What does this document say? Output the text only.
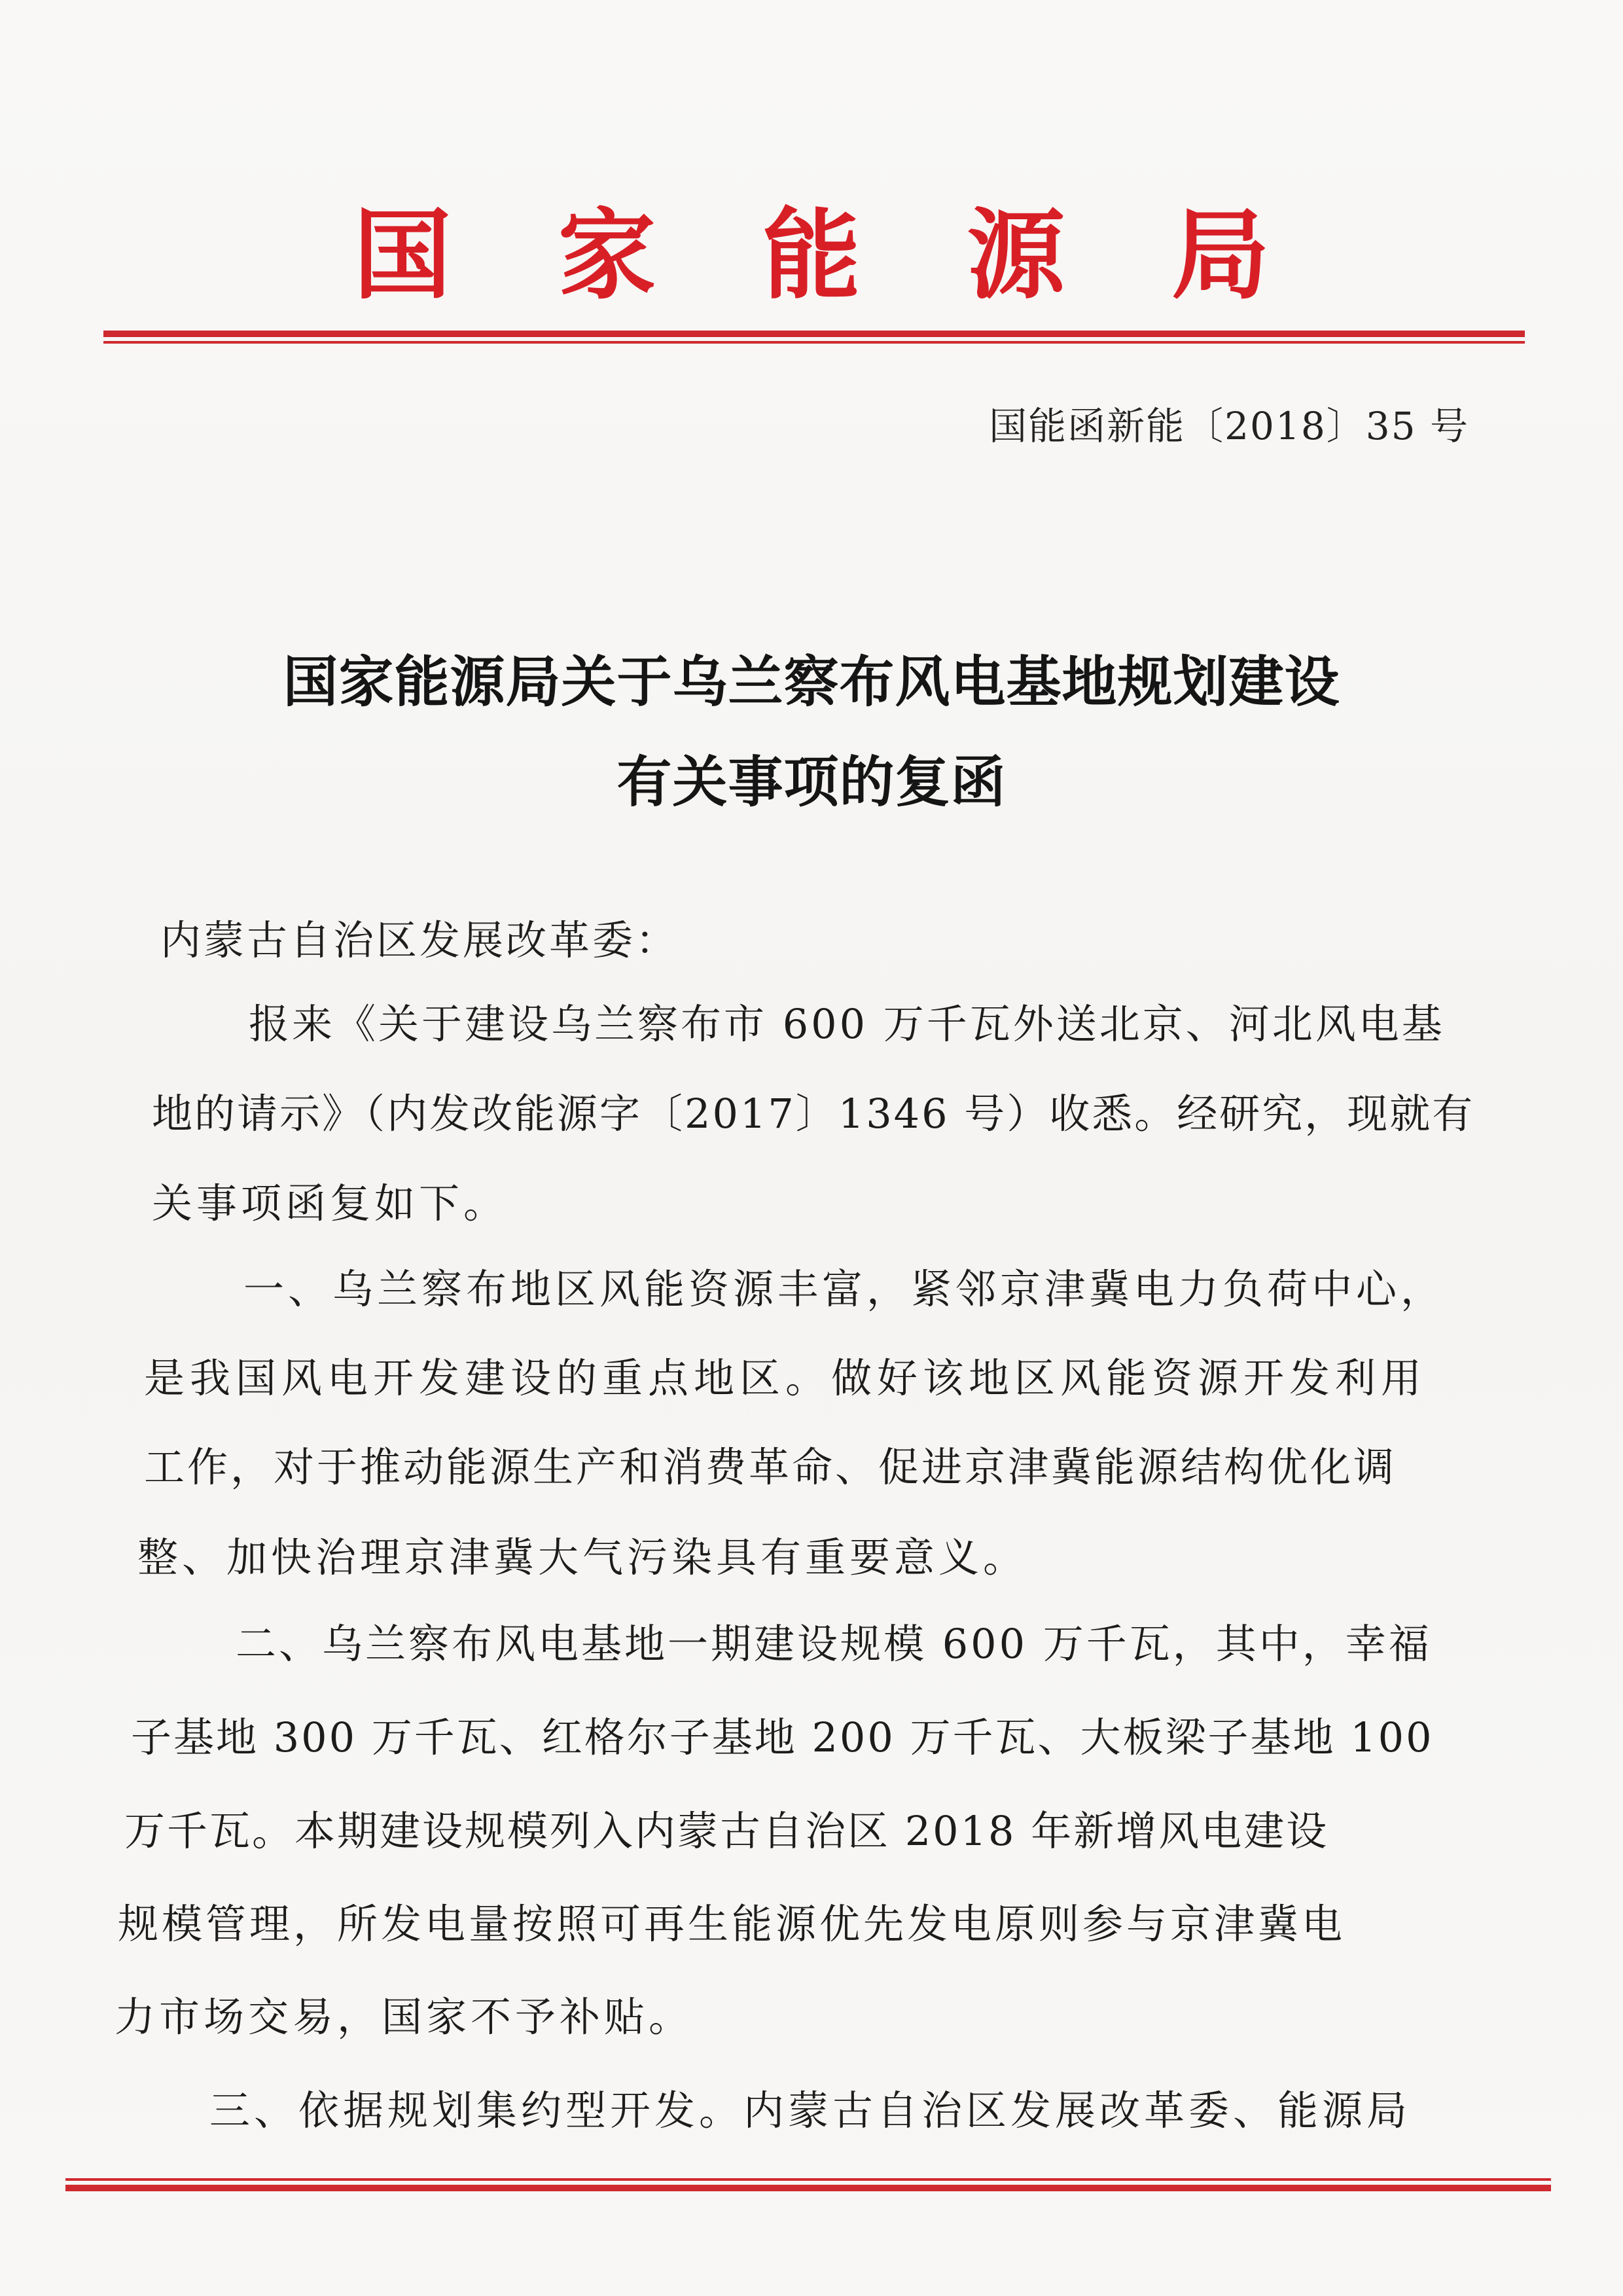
国 家 能 源 局
国能函新能〔2018〕35 号
国家能源局关于乌兰察布风电基地规划建设
有关事项的复函
内蒙古自治区发展改革委：
报来《关于建设乌兰察布市 600 万千瓦外送北京、河北风电基
地的请示》（内发改能源字〔2017〕1346 号）收悉。经研究，现就有
关事项函复如下。
一、乌兰察布地区风能资源丰富，紧邻京津冀电力负荷中心，
是我国风电开发建设的重点地区。做好该地区风能资源开发利用
工作，对于推动能源生产和消费革命、促进京津冀能源结构优化调
整、加快治理京津冀大气污染具有重要意义。
二、乌兰察布风电基地一期建设规模 600 万千瓦，其中，幸福
子基地 300 万千瓦、红格尔子基地 200 万千瓦、大板梁子基地 100
万千瓦。本期建设规模列入内蒙古自治区 2018 年新增风电建设
规模管理，所发电量按照可再生能源优先发电原则参与京津冀电
力市场交易，国家不予补贴。
三、依据规划集约型开发。内蒙古自治区发展改革委、能源局
